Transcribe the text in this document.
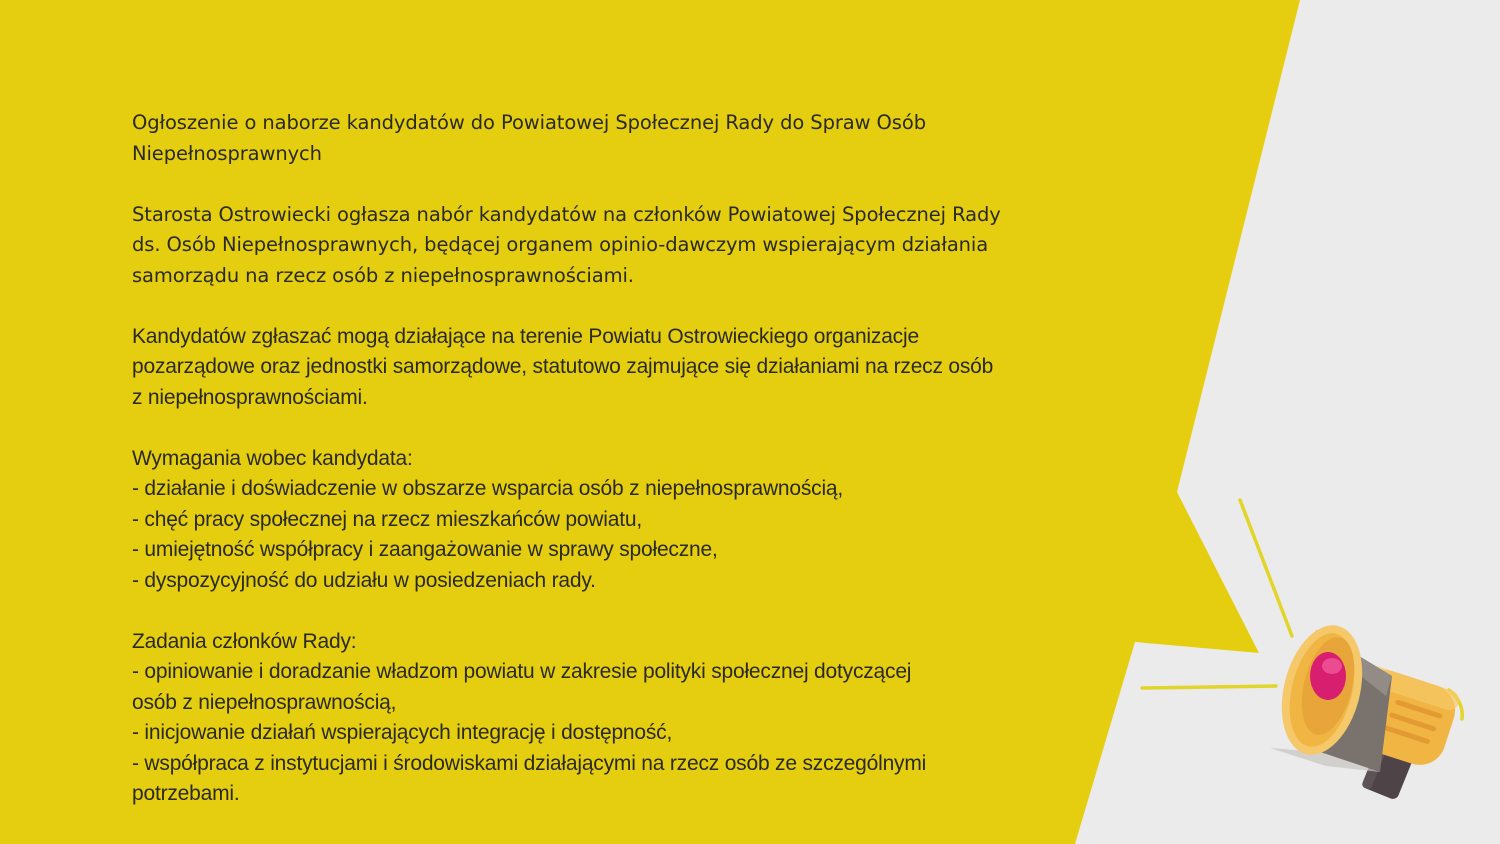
Ogłoszenie o naborze kandydatów do Powiatowej Społecznej Rady do Spraw Osób
Niepełnosprawnych
Starosta Ostrowiecki ogłasza nabór kandydatów na członków Powiatowej Społecznej Rady
ds. Osób Niepełnosprawnych, będącej organem opinio-dawczym wspierającym działania
samorządu na rzecz osób z niepełnosprawnościami.
Kandydatów zgłaszać mogą działające na terenie Powiatu Ostrowieckiego organizacje
pozarządowe oraz jednostki samorządowe, statutowo zajmujące się działaniami na rzecz osób
z niepełnosprawnościami.
Wymagania wobec kandydata:
- działanie i doświadczenie w obszarze wsparcia osób z niepełnosprawnością,
- chęć pracy społecznej na rzecz mieszkańców powiatu,
- umiejętność współpracy i zaangażowanie w sprawy społeczne,
- dyspozycyjność do udziału w posiedzeniach rady.
Zadania członków Rady:
- opiniowanie i doradzanie władzom powiatu w zakresie polityki społecznej dotyczącej
osób z niepełnosprawnością,
- inicjowanie działań wspierających integrację i dostępność,
- współpraca z instytucjami i środowiskami działającymi na rzecz osób ze szczególnymi
potrzebami.
